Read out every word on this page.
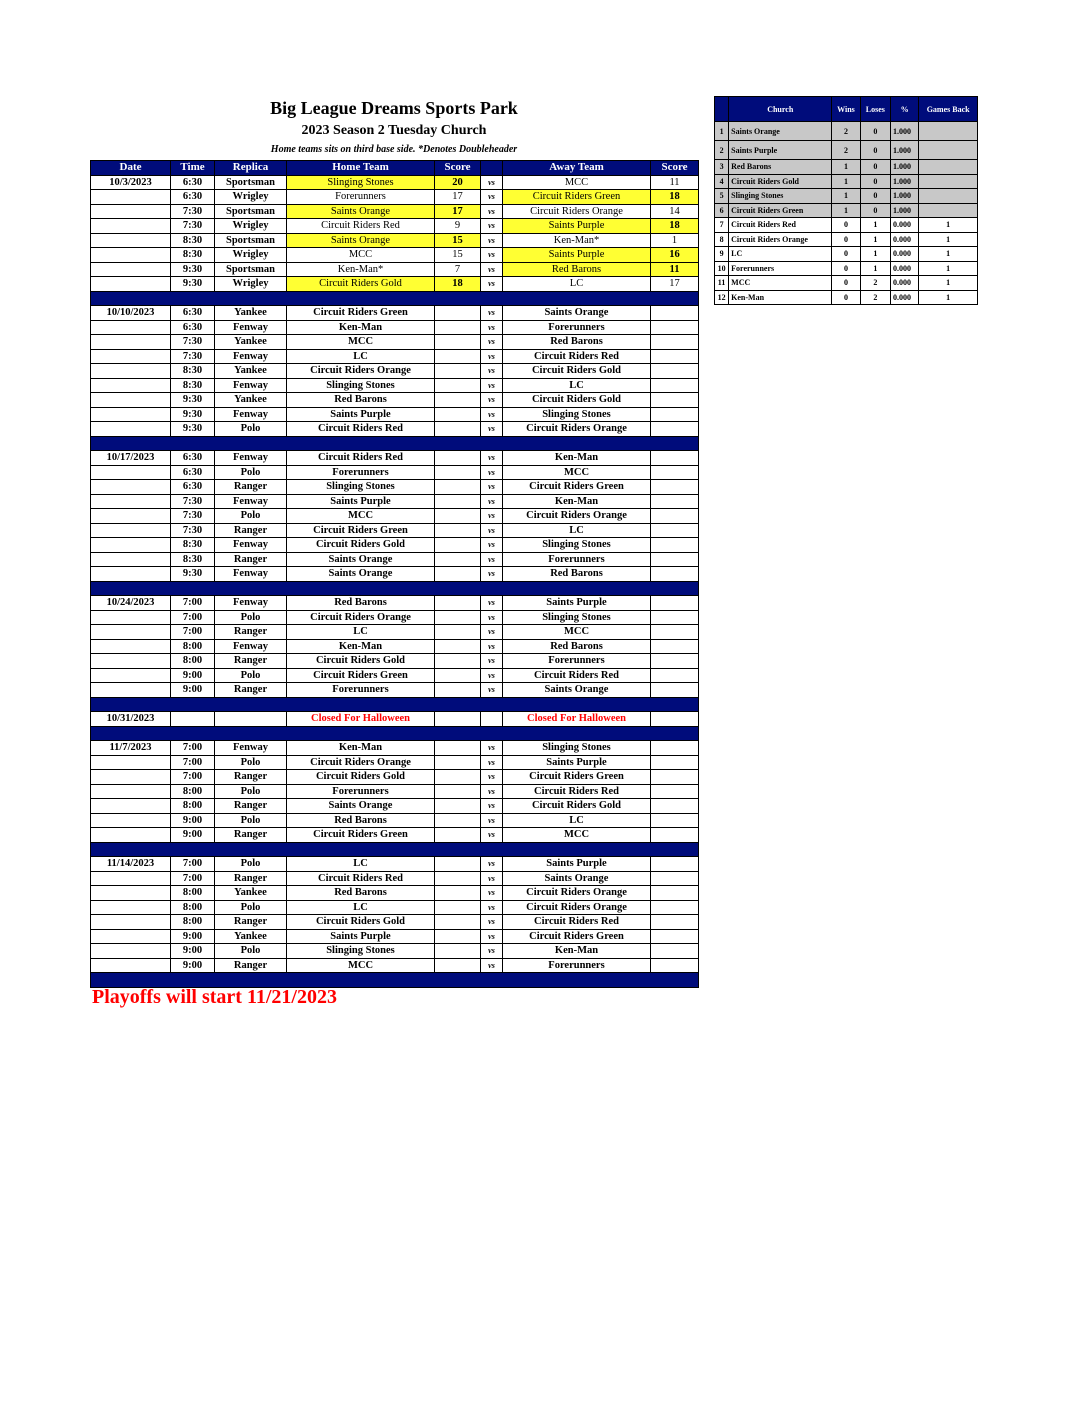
Big League Dreams Sports Park
2023 Season 2 Tuesday Church
Home teams sits on third base side. *Denotes Doubleheader
Date	Time	Replica	Home Team	Score		Away Team	Score
10/3/2023	6:30	Sportsman	Slinging Stones	20	vs	MCC	11
	6:30	Wrigley	Forerunners	17	vs	Circuit Riders Green	18
	7:30	Sportsman	Saints Orange	17	vs	Circuit Riders Orange	14
	7:30	Wrigley	Circuit Riders Red	9	vs	Saints Purple	18
	8:30	Sportsman	Saints Orange	15	vs	Ken-Man*	1
	8:30	Wrigley	MCC	15	vs	Saints Purple	16
	9:30	Sportsman	Ken-Man*	7	vs	Red Barons	11
	9:30	Wrigley	Circuit Riders Gold	18	vs	LC	17

10/10/2023	6:30	Yankee	Circuit Riders Green		vs	Saints Orange	
	6:30	Fenway	Ken-Man		vs	Forerunners	
	7:30	Yankee	MCC		vs	Red Barons	
	7:30	Fenway	LC		vs	Circuit Riders Red	
	8:30	Yankee	Circuit Riders Orange		vs	Circuit Riders Gold	
	8:30	Fenway	Slinging Stones		vs	LC	
	9:30	Yankee	Red Barons		vs	Circuit Riders Gold	
	9:30	Fenway	Saints Purple		vs	Slinging Stones	
	9:30	Polo	Circuit Riders Red		vs	Circuit Riders Orange	

10/17/2023	6:30	Fenway	Circuit Riders Red		vs	Ken-Man	
	6:30	Polo	Forerunners		vs	MCC	
	6:30	Ranger	Slinging Stones		vs	Circuit Riders Green	
	7:30	Fenway	Saints Purple		vs	Ken-Man	
	7:30	Polo	MCC		vs	Circuit Riders Orange	
	7:30	Ranger	Circuit Riders Green		vs	LC	
	8:30	Fenway	Circuit Riders Gold		vs	Slinging Stones	
	8:30	Ranger	Saints Orange		vs	Forerunners	
	9:30	Fenway	Saints Orange		vs	Red Barons	

10/24/2023	7:00	Fenway	Red Barons		vs	Saints Purple	
	7:00	Polo	Circuit Riders Orange		vs	Slinging Stones	
	7:00	Ranger	LC		vs	MCC	
	8:00	Fenway	Ken-Man		vs	Red Barons	
	8:00	Ranger	Circuit Riders Gold		vs	Forerunners	
	9:00	Polo	Circuit Riders Green		vs	Circuit Riders Red	
	9:00	Ranger	Forerunners		vs	Saints Orange	

10/31/2023			Closed For Halloween			Closed For Halloween	

11/7/2023	7:00	Fenway	Ken-Man		vs	Slinging Stones	
	7:00	Polo	Circuit Riders Orange		vs	Saints Purple	
	7:00	Ranger	Circuit Riders Gold		vs	Circuit Riders Green	
	8:00	Polo	Forerunners		vs	Circuit Riders Red	
	8:00	Ranger	Saints Orange		vs	Circuit Riders Gold	
	9:00	Polo	Red Barons		vs	LC	
	9:00	Ranger	Circuit Riders Green		vs	MCC	

11/14/2023	7:00	Polo	LC		vs	Saints Purple	
	7:00	Ranger	Circuit Riders Red		vs	Saints Orange	
	8:00	Yankee	Red Barons		vs	Circuit Riders Orange	
	8:00	Polo	LC		vs	Circuit Riders Orange	
	8:00	Ranger	Circuit Riders Gold		vs	Circuit Riders Red	
	9:00	Yankee	Saints Purple		vs	Circuit Riders Green	
	9:00	Polo	Slinging Stones		vs	Ken-Man	
	9:00	Ranger	MCC		vs	Forerunners	

	Church	Wins	Loses	%	Games Back
1	Saints Orange	2	0	1.000	
2	Saints Purple	2	0	1.000	
3	Red Barons	1	0	1.000	
4	Circuit Riders Gold	1	0	1.000	
5	Slinging Stones	1	0	1.000	
6	Circuit Riders Green	1	0	1.000	
7	Circuit Riders Red	0	1	0.000	1
8	Circuit Riders Orange	0	1	0.000	1
9	LC	0	1	0.000	1
10	Forerunners	0	1	0.000	1
11	MCC	0	2	0.000	1
12	Ken-Man	0	2	0.000	1
Playoffs will start 11/21/2023
